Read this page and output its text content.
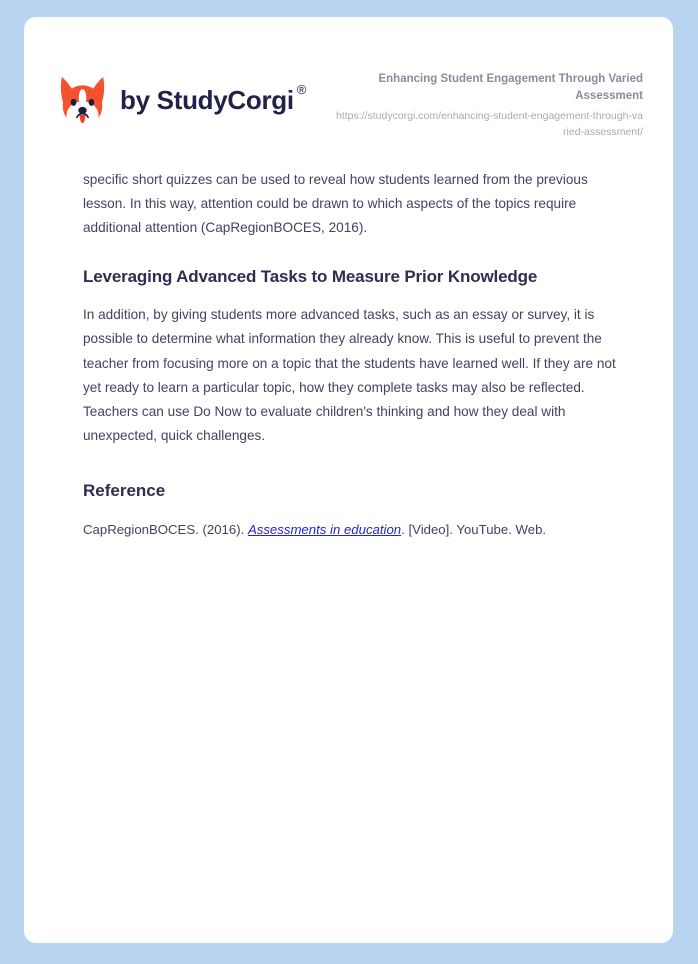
by StudyCorgi ®

Enhancing Student Engagement Through Varied Assessment

https://studycorgi.com/enhancing-student-engagement-through-varied-assessment/

specific short quizzes can be used to reveal how students learned from the previous lesson. In this way, attention could be drawn to which aspects of the topics require additional attention (CapRegionBOCES, 2016).

Leveraging Advanced Tasks to Measure Prior Knowledge

In addition, by giving students more advanced tasks, such as an essay or survey, it is possible to determine what information they already know. This is useful to prevent the teacher from focusing more on a topic that the students have learned well. If they are not yet ready to learn a particular topic, how they complete tasks may also be reflected. Teachers can use Do Now to evaluate children's thinking and how they deal with unexpected, quick challenges.

Reference

CapRegionBOCES. (2016). Assessments in education. [Video]. YouTube. Web.
